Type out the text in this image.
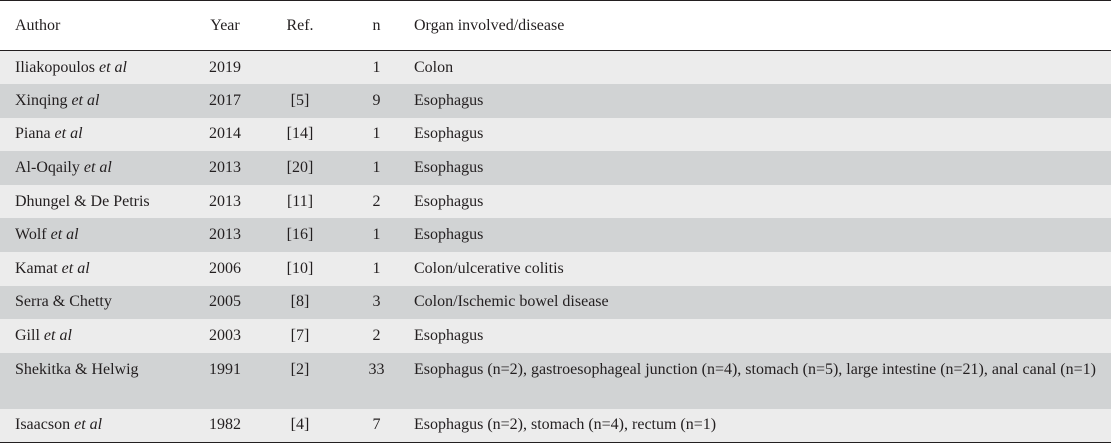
Author	Year	Ref.	n	Organ involved/disease
Iliakopoulos et al	2019		1	Colon
Xinqing et al	2017	[5]	9	Esophagus
Piana et al	2014	[14]	1	Esophagus
Al-Oqaily et al	2013	[20]	1	Esophagus
Dhungel & De Petris	2013	[11]	2	Esophagus
Wolf et al	2013	[16]	1	Esophagus
Kamat et al	2006	[10]	1	Colon/ulcerative colitis
Serra & Chetty	2005	[8]	3	Colon/Ischemic bowel disease
Gill et al	2003	[7]	2	Esophagus
Shekitka & Helwig	1991	[2]	33	Esophagus (n=2), gastroesophageal junction (n=4), stomach (n=5), large intestine (n=21), anal canal (n=1)
Isaacson et al	1982	[4]	7	Esophagus (n=2), stomach (n=4), rectum (n=1)
